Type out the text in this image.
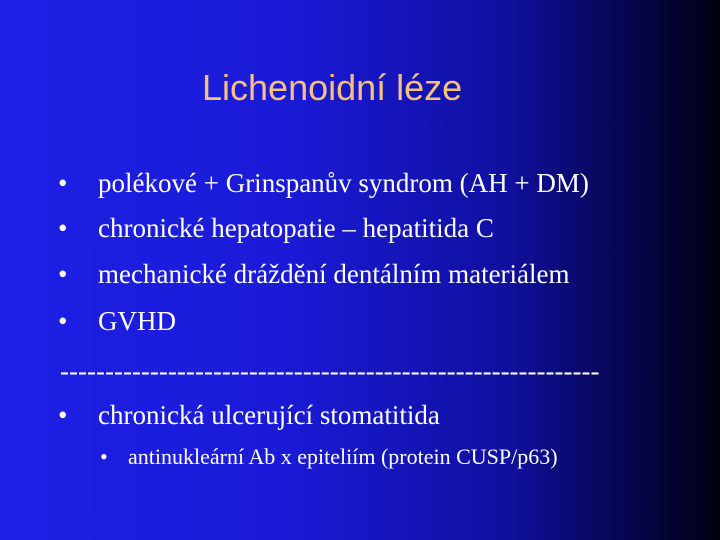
Lichenoidní léze
• polékové + Grinspanův syndrom (AH + DM)
• chronické hepatopatie – hepatitida C
• mechanické dráždění dentálním materiálem
• GVHD
------------------------------------------------------------
• chronická ulcerující stomatitida
• antinukleární Ab x epiteliím (protein CUSP/p63)
